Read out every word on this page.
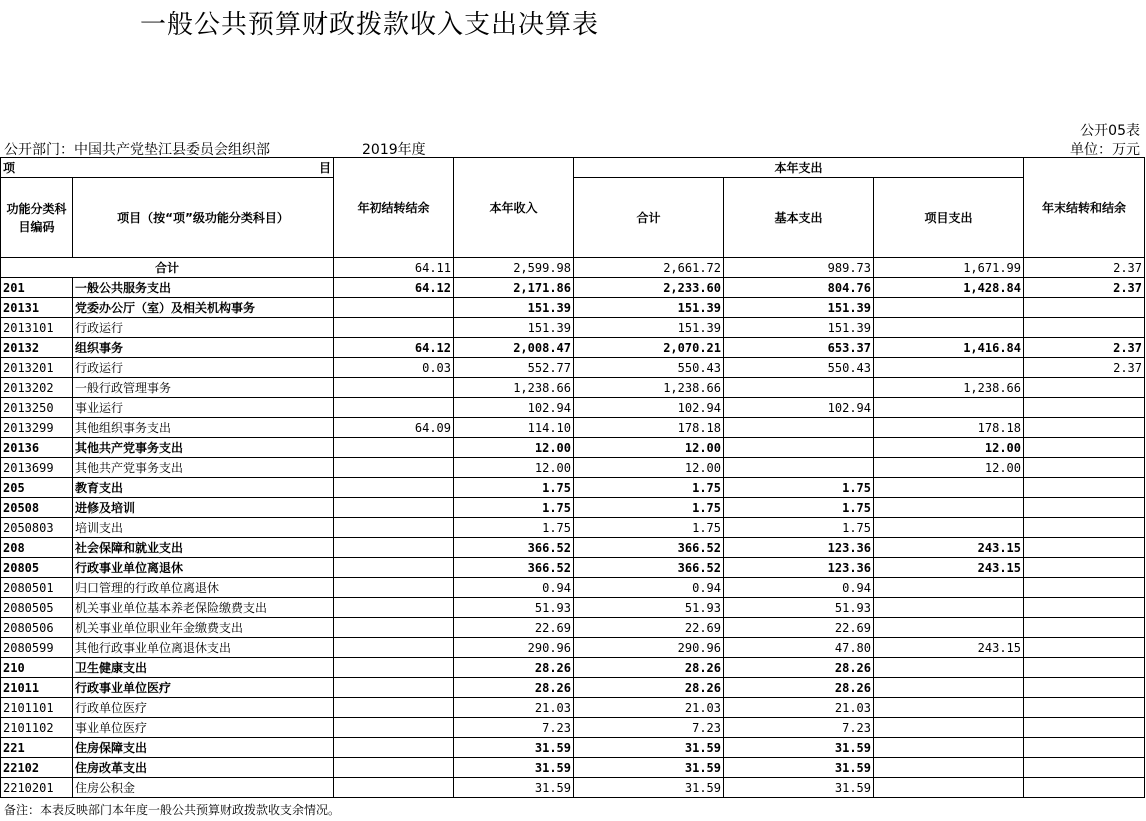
一般公共预算财政拨款收入支出决算表
公开05表
公开部门：中国共产党垫江县委员会组织部	2019年度	单位：万元
项 目		年初结转结余	本年收入	本年支出			年末结转和结余
功能分类科目编码	项目（按“项”级功能分类科目）			合计	基本支出	项目支出	
合计		64.11	2,599.98	2,661.72	989.73	1,671.99	2.37
201	一般公共服务支出	64.12	2,171.86	2,233.60	804.76	1,428.84	2.37
20131	党委办公厅（室）及相关机构事务		151.39	151.39	151.39		
2013101	行政运行		151.39	151.39	151.39		
20132	组织事务	64.12	2,008.47	2,070.21	653.37	1,416.84	2.37
2013201	行政运行	0.03	552.77	550.43	550.43		2.37
2013202	一般行政管理事务		1,238.66	1,238.66		1,238.66	
2013250	事业运行		102.94	102.94	102.94		
2013299	其他组织事务支出	64.09	114.10	178.18		178.18	
20136	其他共产党事务支出		12.00	12.00		12.00	
2013699	其他共产党事务支出		12.00	12.00		12.00	
205	教育支出		1.75	1.75	1.75		
20508	进修及培训		1.75	1.75	1.75		
2050803	培训支出		1.75	1.75	1.75		
208	社会保障和就业支出		366.52	366.52	123.36	243.15	
20805	行政事业单位离退休		366.52	366.52	123.36	243.15	
2080501	归口管理的行政单位离退休		0.94	0.94	0.94		
2080505	机关事业单位基本养老保险缴费支出		51.93	51.93	51.93		
2080506	机关事业单位职业年金缴费支出		22.69	22.69	22.69		
2080599	其他行政事业单位离退休支出		290.96	290.96	47.80	243.15	
210	卫生健康支出		28.26	28.26	28.26		
21011	行政事业单位医疗		28.26	28.26	28.26		
2101101	行政单位医疗		21.03	21.03	21.03		
2101102	事业单位医疗		7.23	7.23	7.23		
221	住房保障支出		31.59	31.59	31.59		
22102	住房改革支出		31.59	31.59	31.59		
2210201	住房公积金		31.59	31.59	31.59		
备注：本表反映部门本年度一般公共预算财政拨款收支余情况。
